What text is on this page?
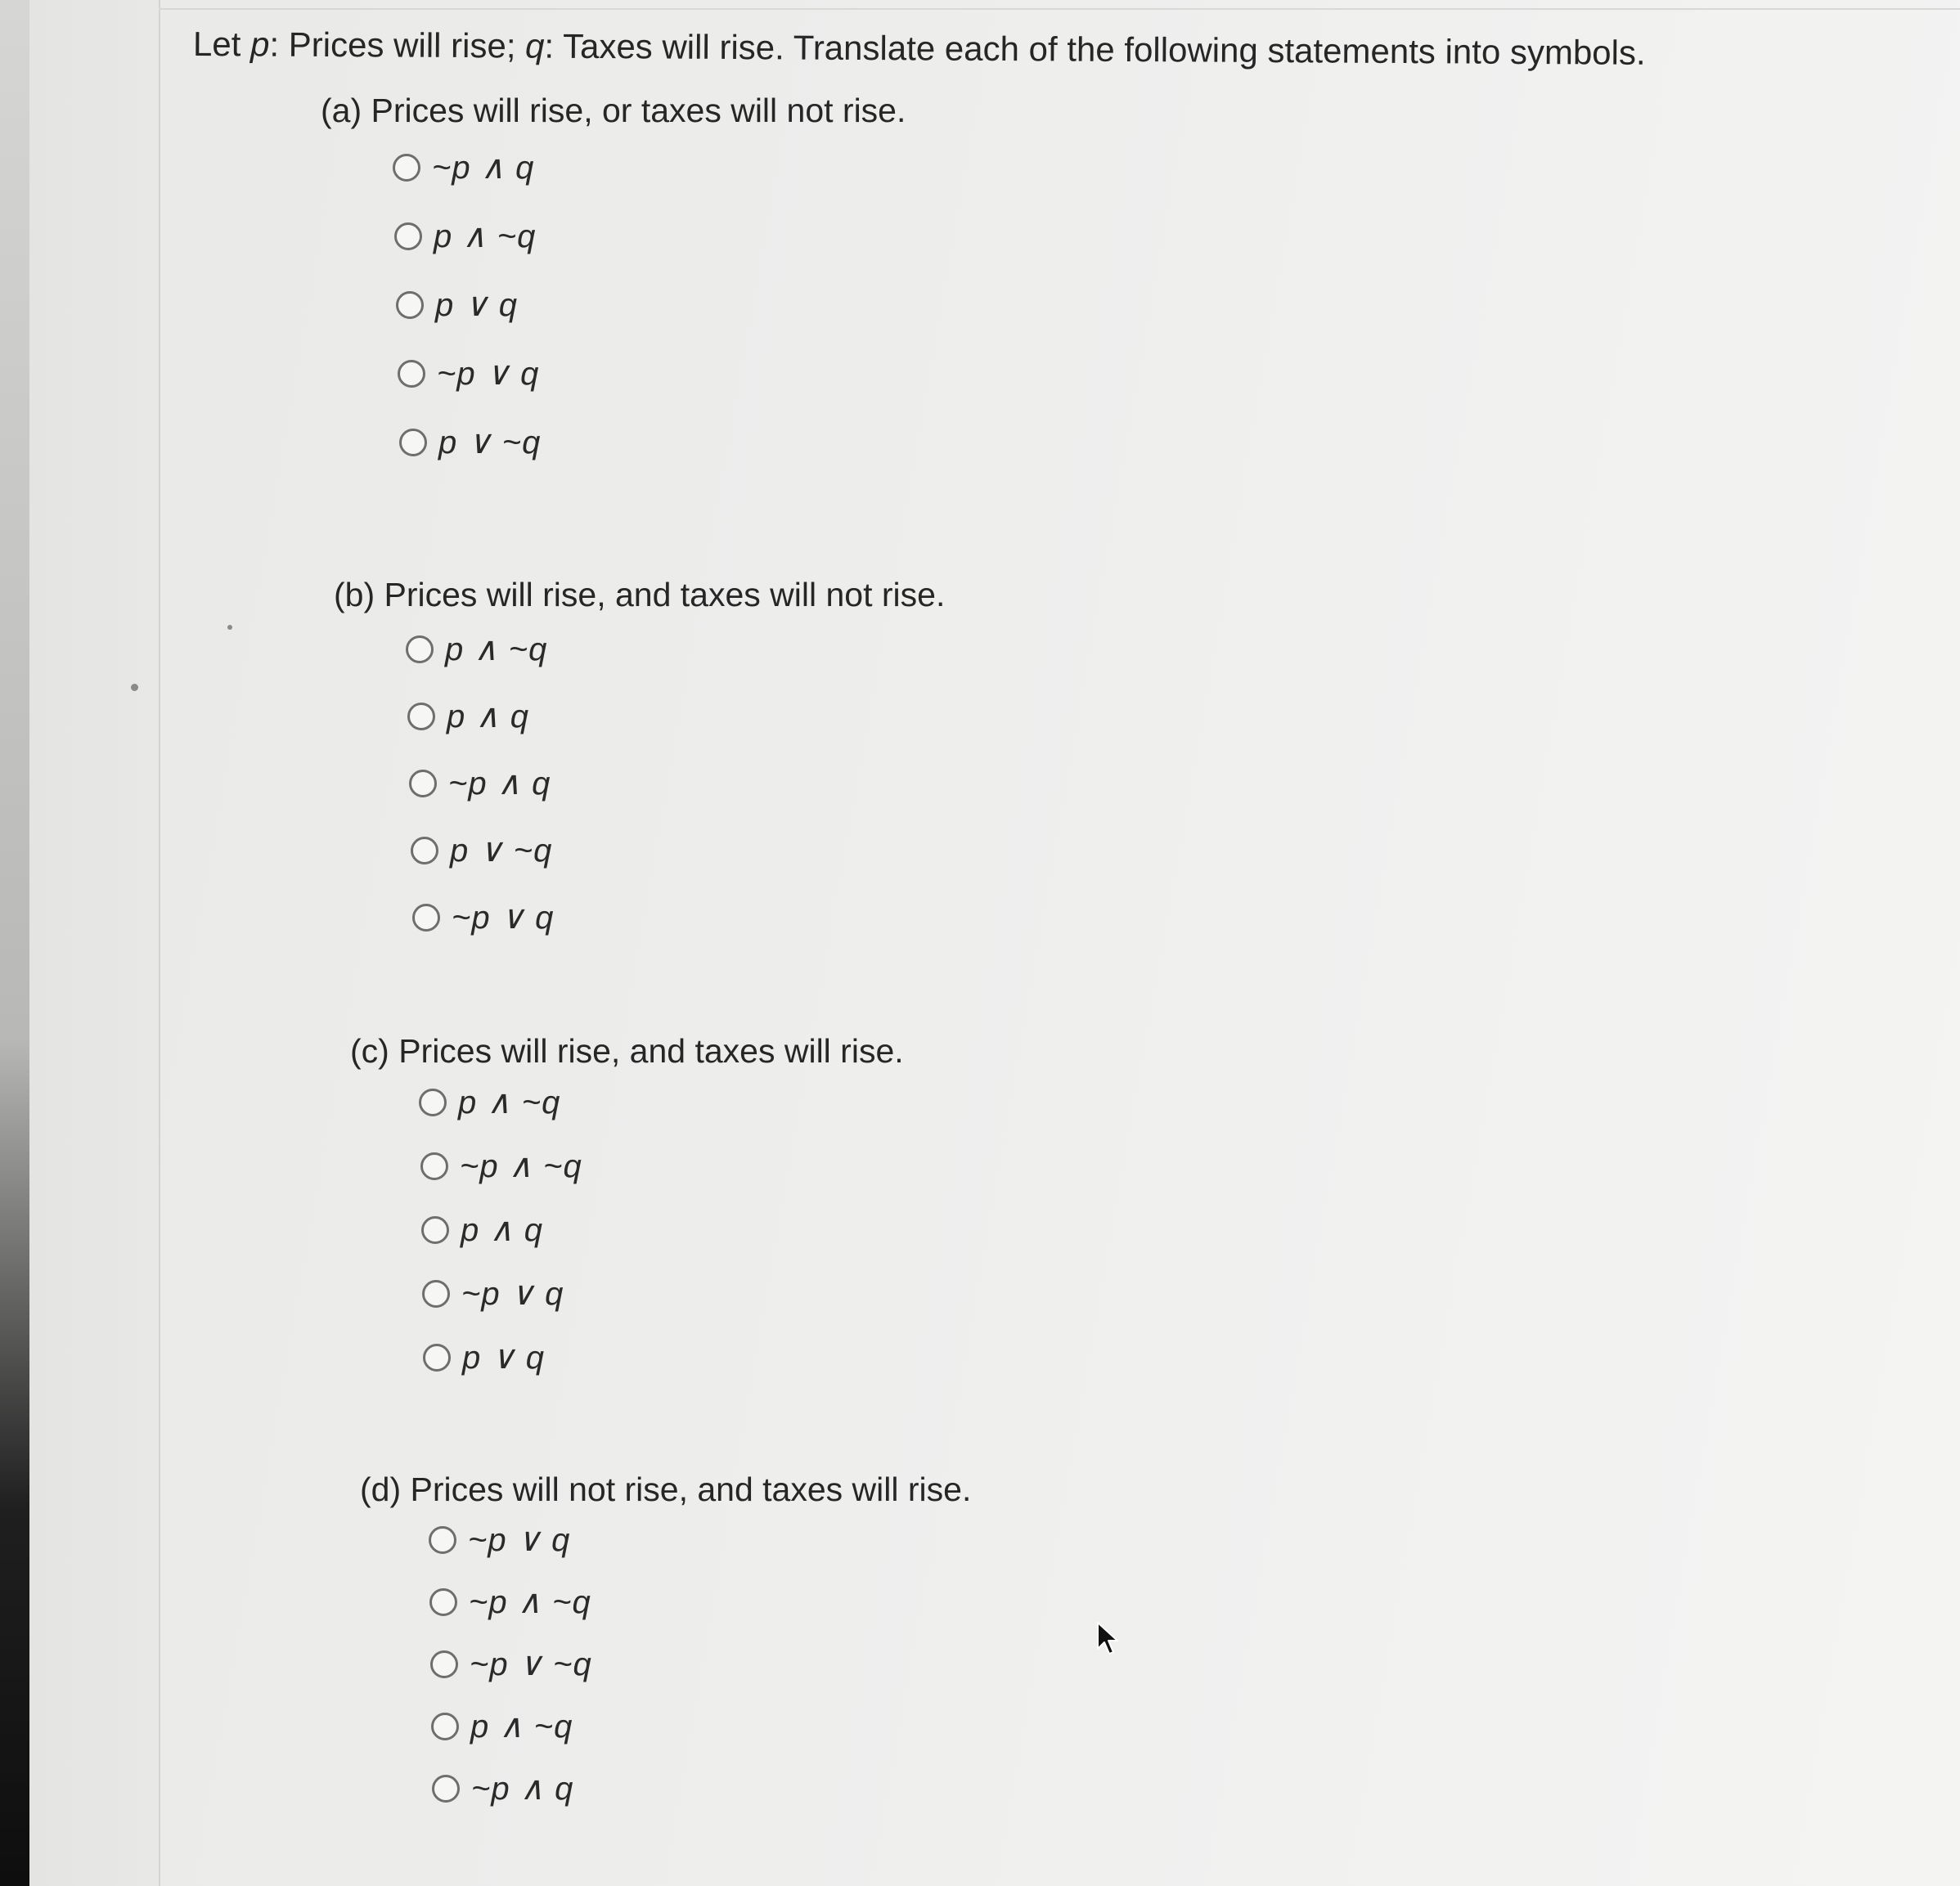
Let p: Prices will rise; q: Taxes will rise. Translate each of the following statements into symbols.

(a) Prices will rise, or taxes will not rise.

~p ∧ q
p ∧ ~q
p ∨ q
~p ∨ q
p ∨ ~q

(b) Prices will rise, and taxes will not rise.

p ∧ ~q
p ∧ q
~p ∧ q
p ∨ ~q
~p ∨ q

(c) Prices will rise, and taxes will rise.

p ∧ ~q
~p ∧ ~q
p ∧ q
~p ∨ q
p ∨ q

(d) Prices will not rise, and taxes will rise.

~p ∨ q
~p ∧ ~q
~p ∨ ~q
p ∧ ~q
~p ∧ q
